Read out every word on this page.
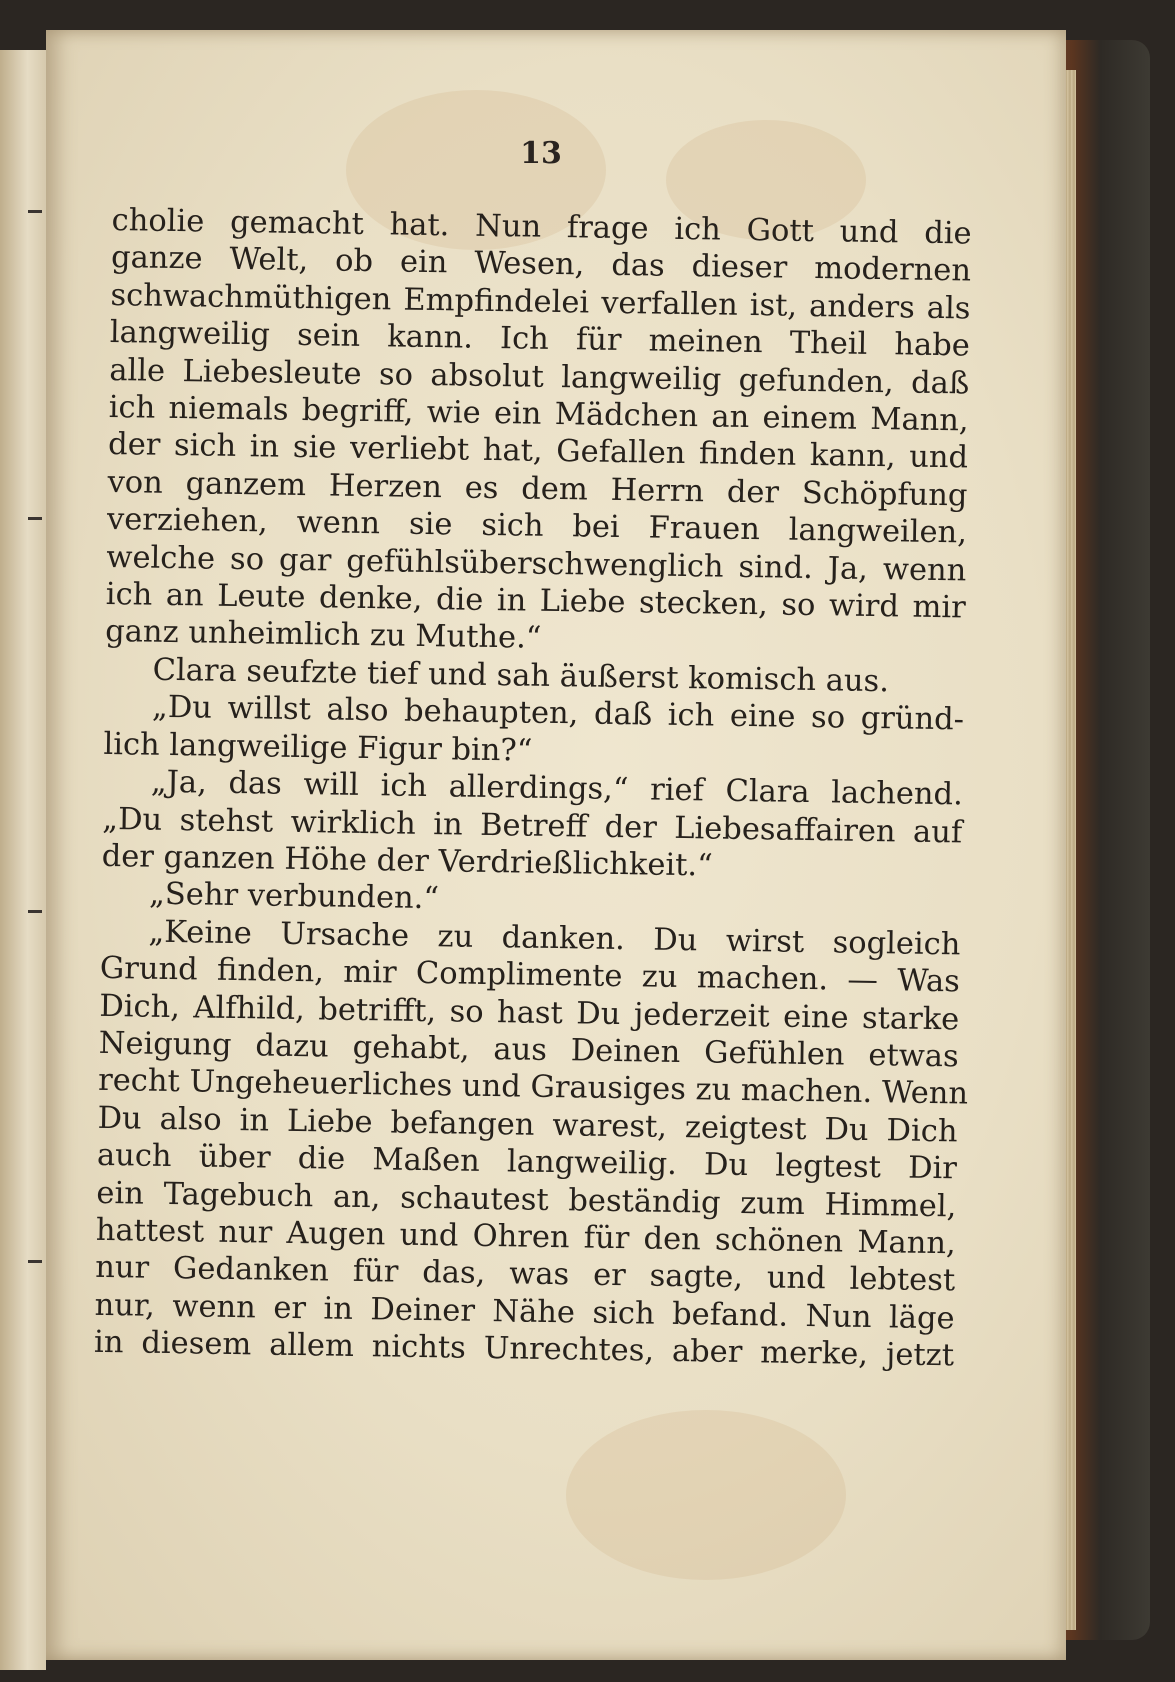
13
cholie gemacht hat. Nun frage ich Gott und die
ganze Welt, ob ein Wesen, das dieser modernen
schwachmüthigen Empfindelei verfallen ist, anders als
langweilig sein kann. Ich für meinen Theil habe
alle Liebesleute so absolut langweilig gefunden, daß
ich niemals begriff, wie ein Mädchen an einem Mann,
der sich in sie verliebt hat, Gefallen finden kann, und
von ganzem Herzen es dem Herrn der Schöpfung
verziehen, wenn sie sich bei Frauen langweilen,
welche so gar gefühlsüberschwenglich sind. Ja, wenn
ich an Leute denke, die in Liebe stecken, so wird mir
ganz unheimlich zu Muthe.“
Clara seufzte tief und sah äußerst komisch aus.
„Du willst also behaupten, daß ich eine so gründ-
lich langweilige Figur bin?“
„Ja, das will ich allerdings,“ rief Clara lachend.
„Du stehst wirklich in Betreff der Liebesaffairen auf
der ganzen Höhe der Verdrießlichkeit.“
„Sehr verbunden.“
„Keine Ursache zu danken. Du wirst sogleich
Grund finden, mir Complimente zu machen. — Was
Dich, Alfhild, betrifft, so hast Du jederzeit eine starke
Neigung dazu gehabt, aus Deinen Gefühlen etwas
recht Ungeheuerliches und Grausiges zu machen. Wenn
Du also in Liebe befangen warest, zeigtest Du Dich
auch über die Maßen langweilig. Du legtest Dir
ein Tagebuch an, schautest beständig zum Himmel,
hattest nur Augen und Ohren für den schönen Mann,
nur Gedanken für das, was er sagte, und lebtest
nur, wenn er in Deiner Nähe sich befand. Nun läge
in diesem allem nichts Unrechtes, aber merke, jetzt
